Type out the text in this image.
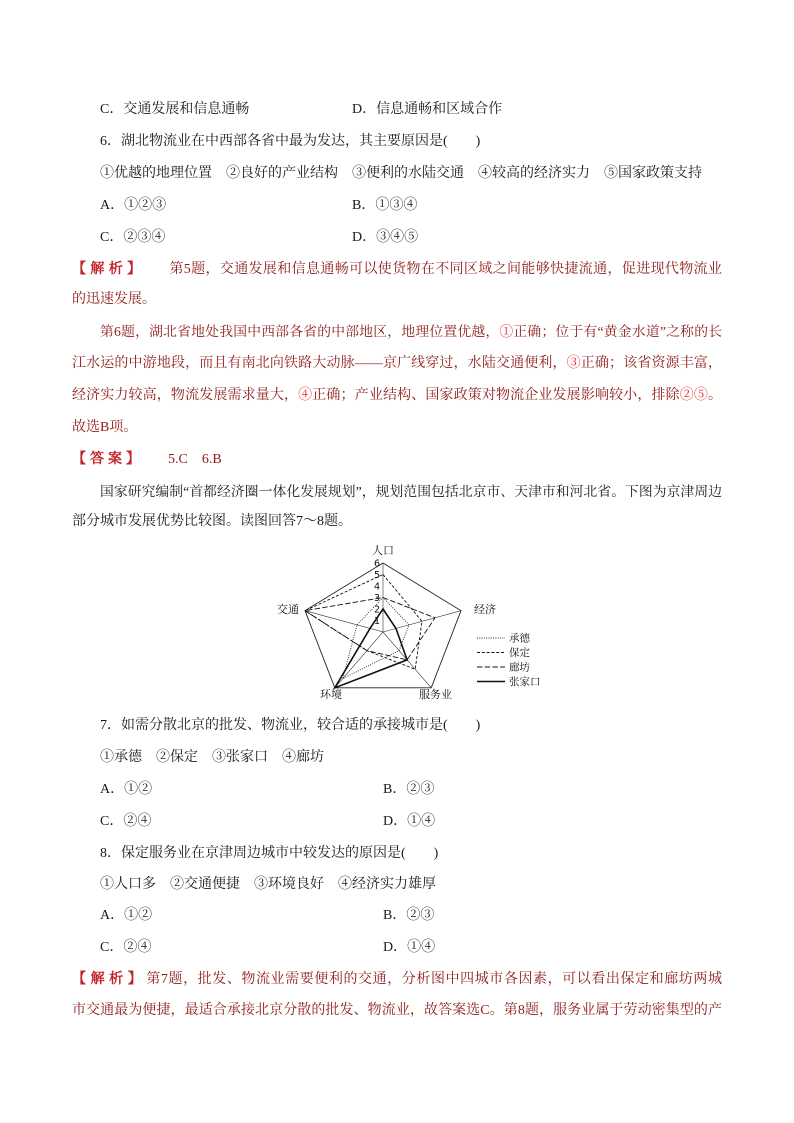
C．交通发展和信息通畅	D．信息通畅和区域合作
6．湖北物流业在中西部各省中最为发达，其主要原因是(　　)
①优越的地理位置　②良好的产业结构　③便利的水陆交通　④较高的经济实力　⑤国家政策支持
A．①②③	B．①③④
C．②③④	D．③④⑤
【解析】 第5题，交通发展和信息通畅可以使货物在不同区域之间能够快捷流通，促进现代物流业
的迅速发展。
第6题，湖北省地处我国中西部各省的中部地区，地理位置优越，①正确；位于有“黄金水道”之称的长
江水运的中游地段，而且有南北向铁路大动脉——京广线穿过，水陆交通便利，③正确；该省资源丰富，
经济实力较高，物流发展需求量大，④正确；产业结构、国家政策对物流企业发展影响较小，排除②⑤。
故选B项。
【答案】 5.C　6.B
国家研究编制“首都经济圈一体化发展规划”，规划范围包括北京市、天津市和河北省。下图为京津周边
部分城市发展优势比较图。读图回答7～8题。
1
2
3
4
5
6
人口
经济
服务业
环境
交通
承德
保定
廊坊
张家口
7．如需分散北京的批发、物流业，较合适的承接城市是(　　)
①承德　②保定　③张家口　④廊坊
A．①②	B．②③
C．②④	D．①④
8．保定服务业在京津周边城市中较发达的原因是(　　)
①人口多　②交通便捷　③环境良好　④经济实力雄厚
A．①②	B．②③
C．②④	D．①④
【解析】第7题，批发、物流业需要便利的交通，分析图中四城市各因素，可以看出保定和廊坊两城
市交通最为便捷，最适合承接北京分散的批发、物流业，故答案选C。第8题，服务业属于劳动密集型的产
